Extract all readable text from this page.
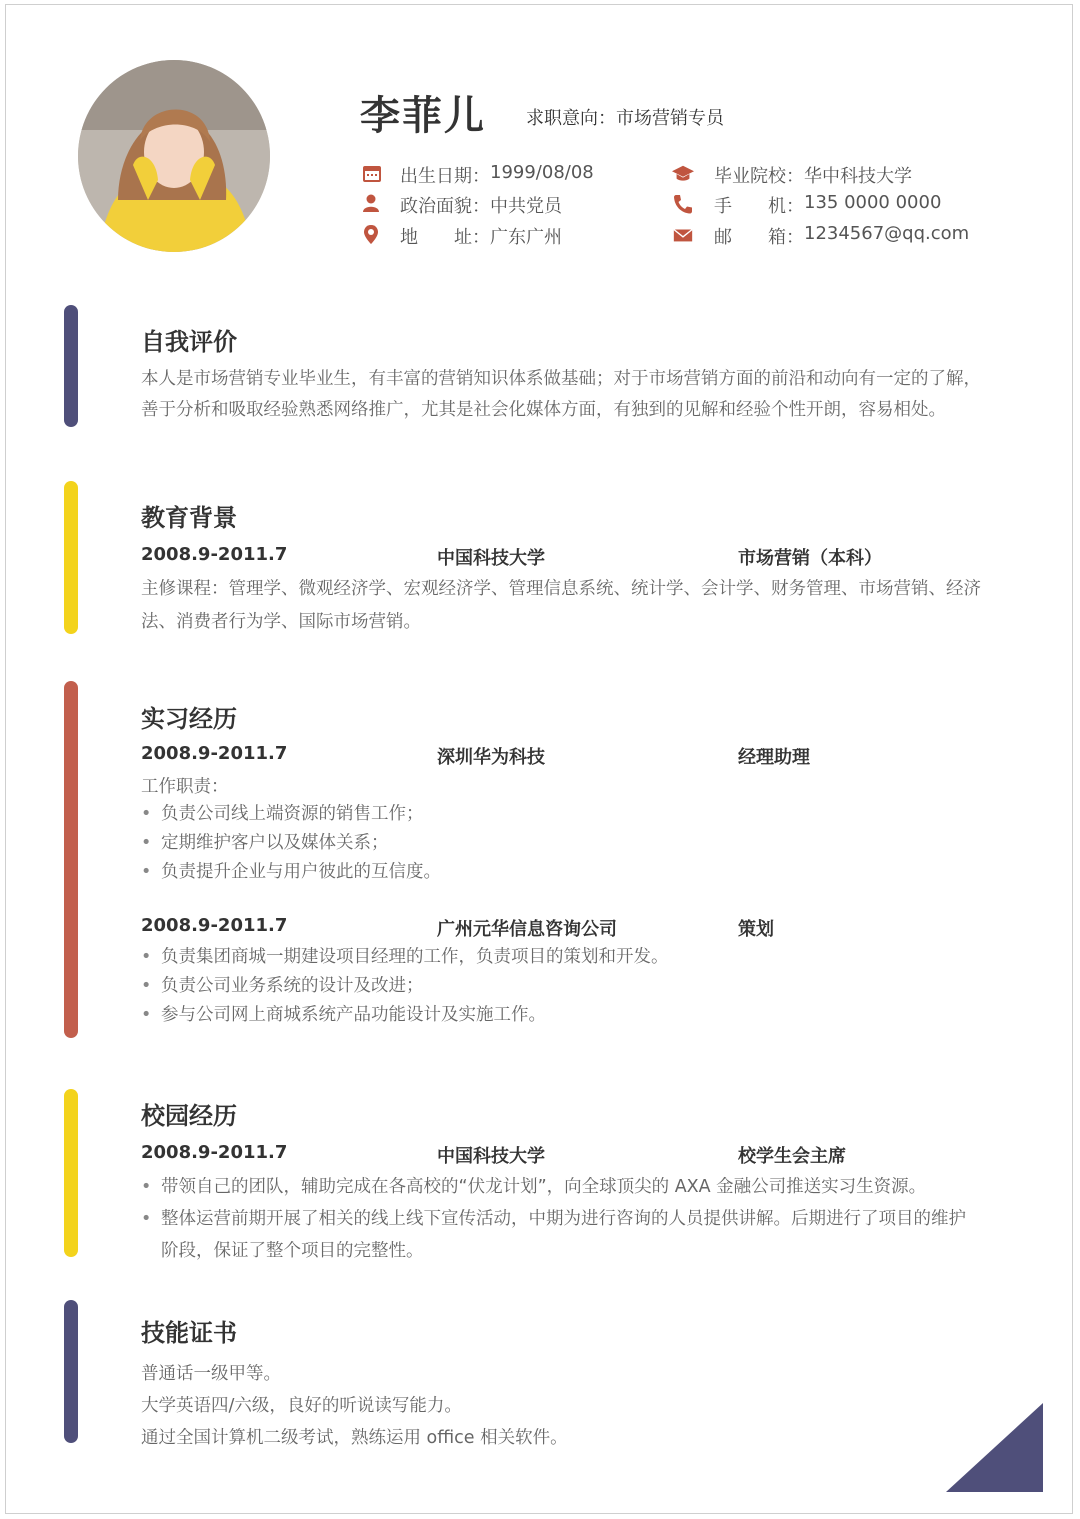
李菲儿 求职意向：市场营销专员
出生日期： 1999/08/08
政治面貌： 中共党员
地　　址： 广东广州
毕业院校： 华中科技大学
手　　机： 135 0000 0000
邮　　箱： 1234567@qq.com
自我评价
本人是市场营销专业毕业生，有丰富的营销知识体系做基础；对于市场营销方面的前沿和动向有一定的了解，
善于分析和吸取经验熟悉网络推广，尤其是社会化媒体方面，有独到的见解和经验个性开朗，容易相处。
教育背景
2008.9-2011.7	中国科技大学	市场营销（本科）
主修课程：管理学、微观经济学、宏观经济学、管理信息系统、统计学、会计学、财务管理、市场营销、经济
法、消费者行为学、国际市场营销。
实习经历
2008.9-2011.7	深圳华为科技	经理助理
工作职责：
• 负责公司线上端资源的销售工作；
• 定期维护客户以及媒体关系；
• 负责提升企业与用户彼此的互信度。
2008.9-2011.7	广州元华信息咨询公司	策划
• 负责集团商城一期建设项目经理的工作，负责项目的策划和开发。
• 负责公司业务系统的设计及改进；
• 参与公司网上商城系统产品功能设计及实施工作。
校园经历
2008.9-2011.7	中国科技大学	校学生会主席
• 带领自己的团队，辅助完成在各高校的“伏龙计划”，向全球顶尖的 AXA 金融公司推送实习生资源。
• 整体运营前期开展了相关的线上线下宣传活动，中期为进行咨询的人员提供讲解。后期进行了项目的维护
阶段，保证了整个项目的完整性。
技能证书
普通话一级甲等。
大学英语四/六级，良好的听说读写能力。
通过全国计算机二级考试，熟练运用 office 相关软件。
